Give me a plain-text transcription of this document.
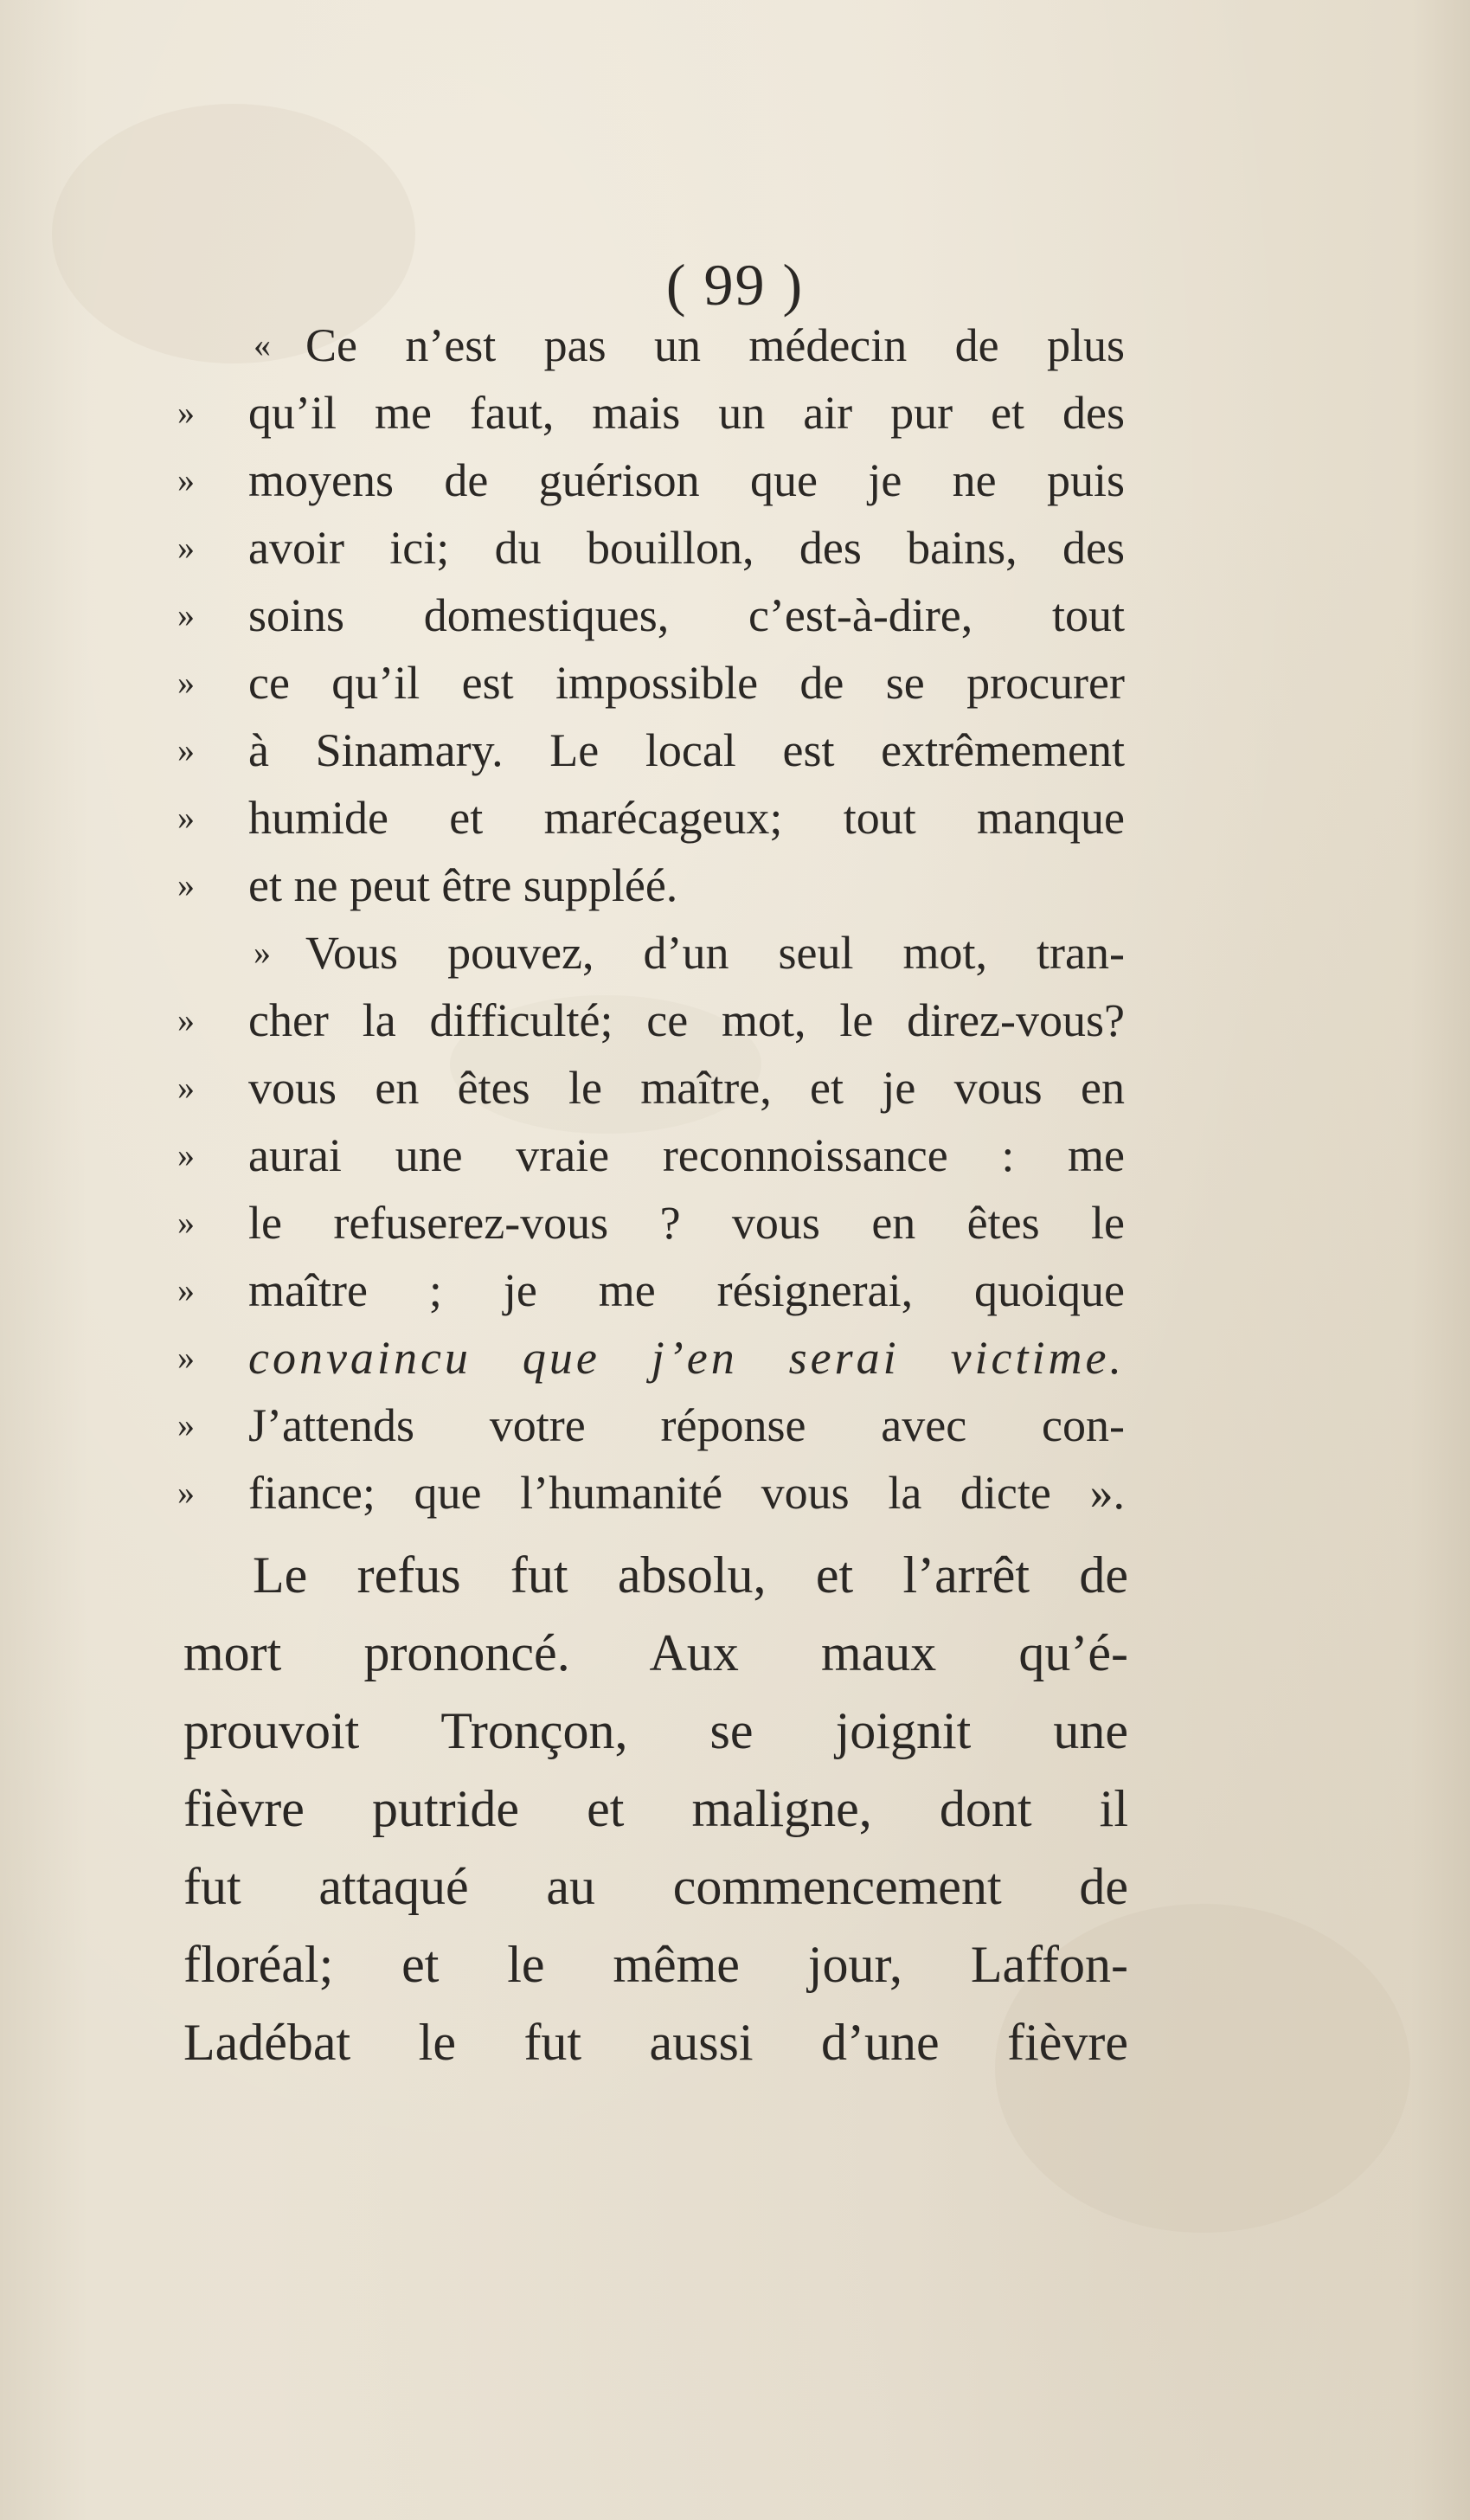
( 99 )
« Ce n’est pas un médecin de plus
»	qu’il me faut, mais un air pur et des
»	moyens de guérison que je ne puis
»	avoir ici; du bouillon, des bains, des
»	soins domestiques, c’est-à-dire, tout
»	ce qu’il est impossible de se procurer
»	à Sinamary. Le local est extrêmement
»	humide et marécageux; tout manque
»	et ne peut être suppléé.
» Vous pouvez, d’un seul mot, tran-
»	cher la difficulté; ce mot, le direz-vous?
»	vous en êtes le maître, et je vous en
»	aurai une vraie reconnoissance : me
»	le refuserez-vous ? vous en êtes le
»	maître ; je me résignerai, quoique
»	convaincu que j’en serai victime.
»	J’attends votre réponse avec con-
»	fiance; que l’humanité vous la dicte ».
Le refus fut absolu, et l’arrêt de
mort prononcé. Aux maux qu’é-
prouvoit Tronçon, se joignit une
fièvre putride et maligne, dont il
fut attaqué au commencement de
floréal; et le même jour, Laffon-
Ladébat le fut aussi d’une fièvre
